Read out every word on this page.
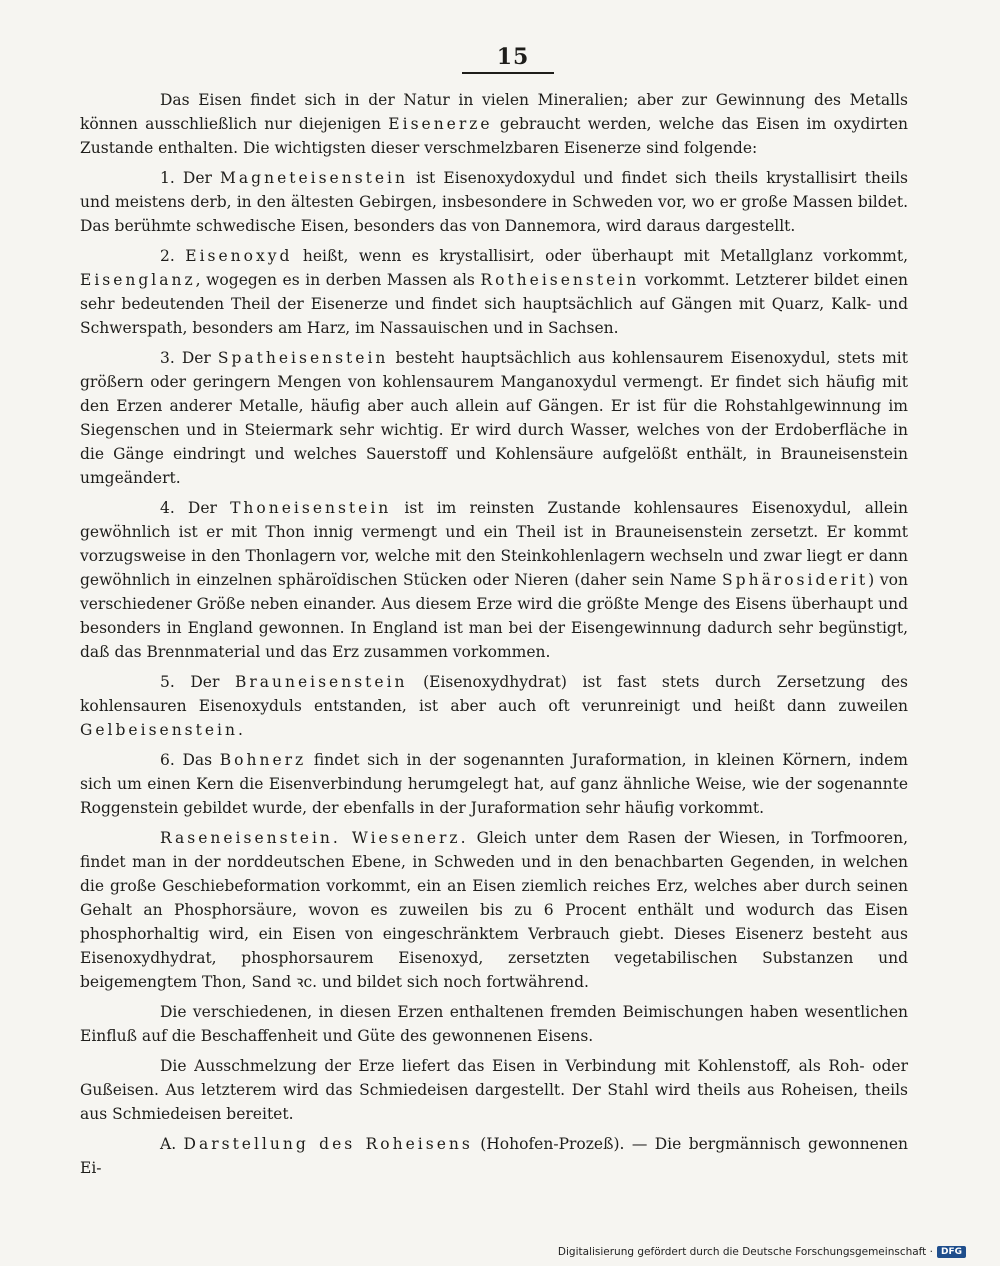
15

Das Eisen findet sich in der Natur in vielen Mineralien; aber zur Gewinnung des Metalls können ausschließlich nur diejenigen Eisenerze gebraucht werden, welche das Eisen im oxydirten Zustande enthalten. Die wichtigsten dieser verschmelzbaren Eisenerze sind folgende:

1. Der Magneteisenstein ist Eisenoxydoxydul und findet sich theils krystallisirt theils und meistens derb, in den ältesten Gebirgen, insbesondere in Schweden vor, wo er große Massen bildet. Das berühmte schwedische Eisen, besonders das von Dannemora, wird daraus dargestellt.

2. Eisenoxyd heißt, wenn es krystallisirt, oder überhaupt mit Metallglanz vorkommt, Eisenglanz, wogegen es in derben Massen als Rotheisenstein vorkommt. Letzterer bildet einen sehr bedeutenden Theil der Eisenerze und findet sich hauptsächlich auf Gängen mit Quarz, Kalk- und Schwerspath, besonders am Harz, im Nassauischen und in Sachsen.

3. Der Spatheisenstein besteht hauptsächlich aus kohlensaurem Eisenoxydul, stets mit größern oder geringern Mengen von kohlensaurem Manganoxydul vermengt. Er findet sich häufig mit den Erzen anderer Metalle, häufig aber auch allein auf Gängen. Er ist für die Rohstahlgewinnung im Siegenschen und in Steiermark sehr wichtig. Er wird durch Wasser, welches von der Erdoberfläche in die Gänge eindringt und welches Sauerstoff und Kohlensäure aufgelößt enthält, in Brauneisenstein umgeändert.

4. Der Thoneisenstein ist im reinsten Zustande kohlensaures Eisenoxydul, allein gewöhnlich ist er mit Thon innig vermengt und ein Theil ist in Brauneisenstein zersetzt. Er kommt vorzugsweise in den Thonlagern vor, welche mit den Steinkohlenlagern wechseln und zwar liegt er dann gewöhnlich in einzelnen sphäroïdischen Stücken oder Nieren (daher sein Name Sphärosiderit) von verschiedener Größe neben einander. Aus diesem Erze wird die größte Menge des Eisens überhaupt und besonders in England gewonnen. In England ist man bei der Eisengewinnung dadurch sehr begünstigt, daß das Brennmaterial und das Erz zusammen vorkommen.

5. Der Brauneisenstein (Eisenoxydhydrat) ist fast stets durch Zersetzung des kohlensauren Eisenoxyduls entstanden, ist aber auch oft verunreinigt und heißt dann zuweilen Gelbeisenstein.

6. Das Bohnerz findet sich in der sogenannten Juraformation, in kleinen Körnern, indem sich um einen Kern die Eisenverbindung herumgelegt hat, auf ganz ähnliche Weise, wie der sogenannte Roggenstein gebildet wurde, der ebenfalls in der Juraformation sehr häufig vorkommt.

Raseneisenstein. Wiesenerz. Gleich unter dem Rasen der Wiesen, in Torfmooren, findet man in der norddeutschen Ebene, in Schweden und in den benachbarten Gegenden, in welchen die große Geschiebeformation vorkommt, ein an Eisen ziemlich reiches Erz, welches aber durch seinen Gehalt an Phosphorsäure, wovon es zuweilen bis zu 6 Procent enthält und wodurch das Eisen phosphorhaltig wird, ein Eisen von eingeschränktem Verbrauch giebt. Dieses Eisenerz besteht aus Eisenoxydhydrat, phosphorsaurem Eisenoxyd, zersetzten vegetabilischen Substanzen und beigemengtem Thon, Sand ꝛc. und bildet sich noch fortwährend.

Die verschiedenen, in diesen Erzen enthaltenen fremden Beimischungen haben wesentlichen Einfluß auf die Beschaffenheit und Güte des gewonnenen Eisens.

Die Ausschmelzung der Erze liefert das Eisen in Verbindung mit Kohlenstoff, als Roh- oder Gußeisen. Aus letzterem wird das Schmiedeisen dargestellt. Der Stahl wird theils aus Roheisen, theils aus Schmiedeisen bereitet.

A. Darstellung des Roheisens (Hohofen-Prozeß). — Die bergmännisch gewonnenen Ei-

Digitalisierung gefördert durch die Deutsche Forschungsgemeinschaft · DFG
